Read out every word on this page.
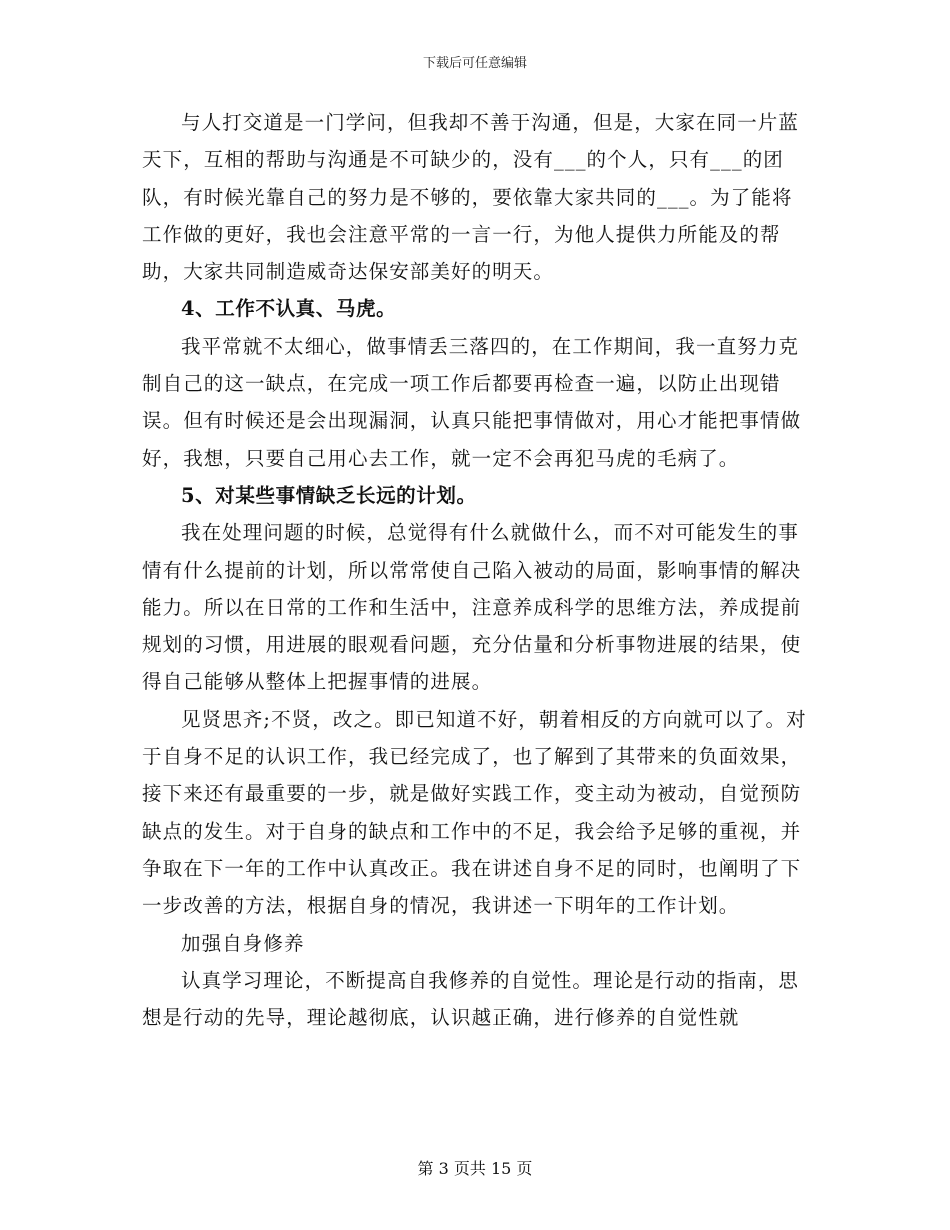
下载后可任意编辑

与人打交道是一门学问，但我却不善于沟通，但是，大家在同一片蓝天下，互相的帮助与沟通是不可缺少的，没有___的个人，只有___的团队，有时候光靠自己的努力是不够的，要依靠大家共同的___。为了能将工作做的更好，我也会注意平常的一言一行，为他人提供力所能及的帮助，大家共同制造威奇达保安部美好的明天。

4、工作不认真、马虎。

我平常就不太细心，做事情丢三落四的，在工作期间，我一直努力克制自己的这一缺点，在完成一项工作后都要再检查一遍，以防止出现错误。但有时候还是会出现漏洞，认真只能把事情做对，用心才能把事情做好，我想，只要自己用心去工作，就一定不会再犯马虎的毛病了。

5、对某些事情缺乏长远的计划。

我在处理问题的时候，总觉得有什么就做什么，而不对可能发生的事情有什么提前的计划，所以常常使自己陷入被动的局面，影响事情的解决能力。所以在日常的工作和生活中，注意养成科学的思维方法，养成提前规划的习惯，用进展的眼观看问题，充分估量和分析事物进展的结果，使得自己能够从整体上把握事情的进展。

见贤思齐;不贤，改之。即已知道不好，朝着相反的方向就可以了。对于自身不足的认识工作，我已经完成了，也了解到了其带来的负面效果，接下来还有最重要的一步，就是做好实践工作，变主动为被动，自觉预防缺点的发生。对于自身的缺点和工作中的不足，我会给予足够的重视，并争取在下一年的工作中认真改正。我在讲述自身不足的同时，也阐明了下一步改善的方法，根据自身的情况，我讲述一下明年的工作计划。

加强自身修养

认真学习理论，不断提高自我修养的自觉性。理论是行动的指南，思想是行动的先导，理论越彻底，认识越正确，进行修养的自觉性就

第 3 页共 15 页
